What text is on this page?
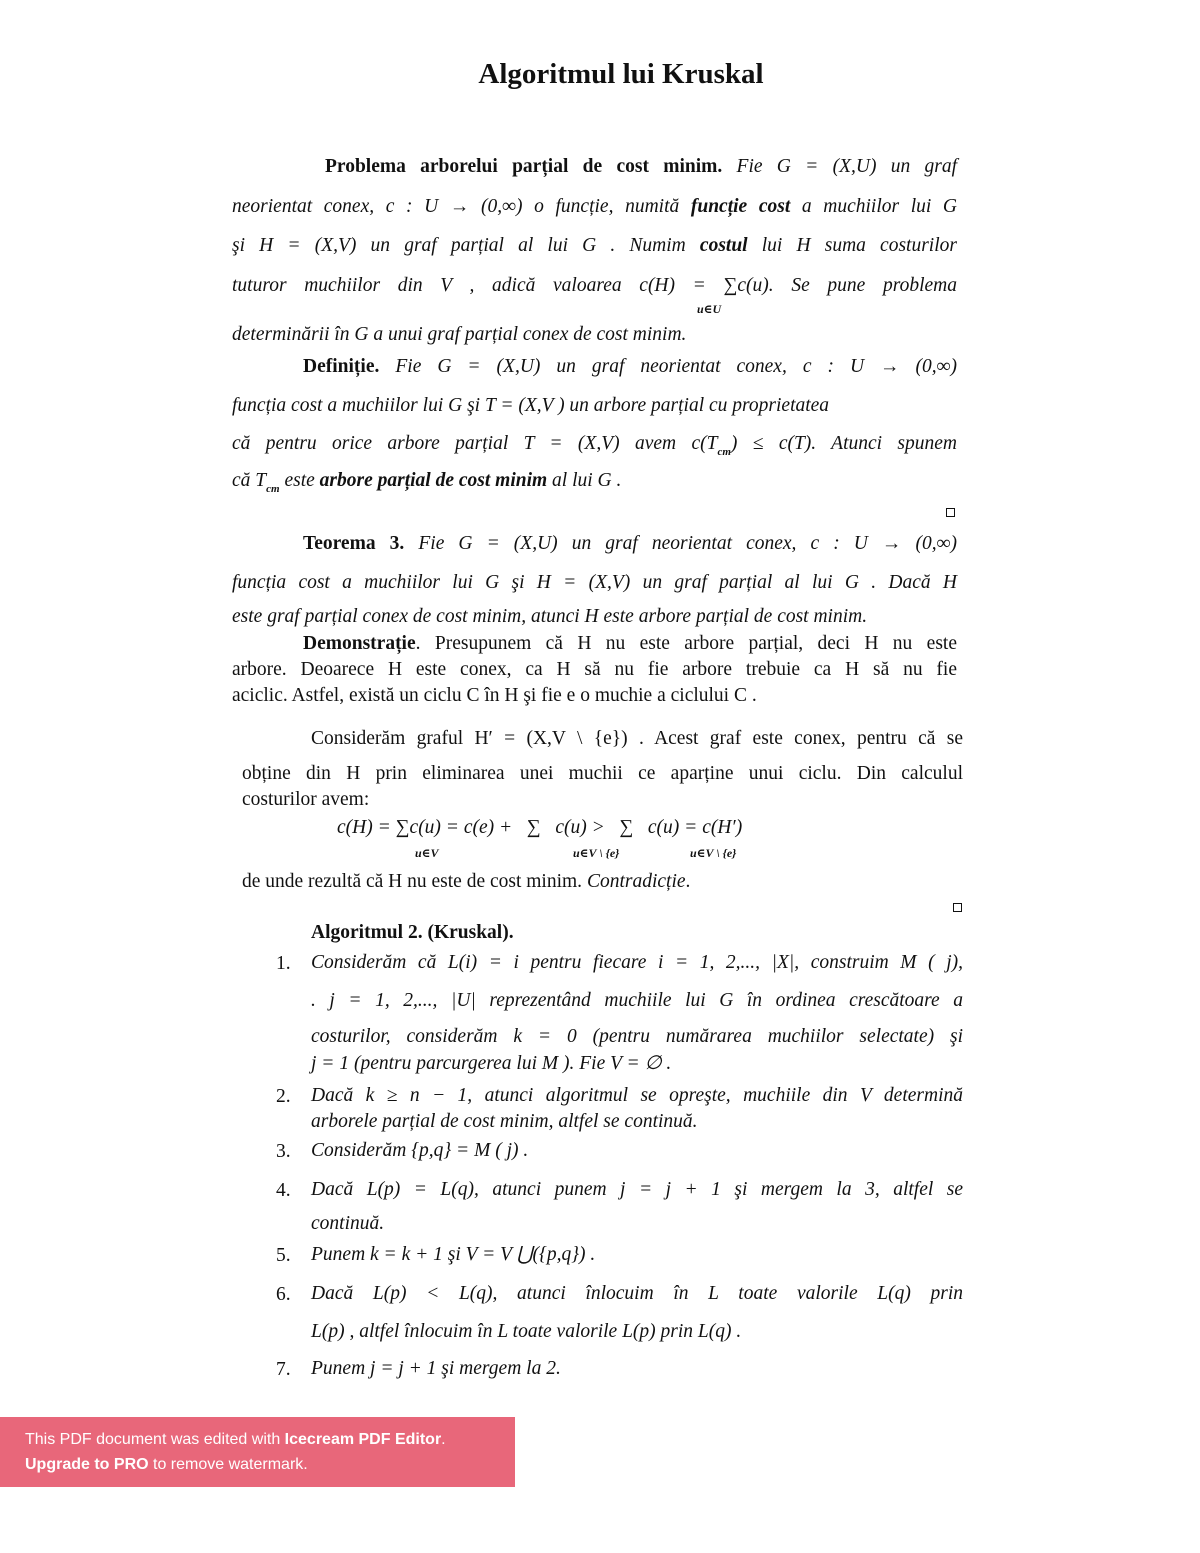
Algoritmul lui Kruskal
Problema arborelui parțial de cost minim. Fie G = (X,U) un graf
neorientat conex, c : U → (0,∞) o funcție, numită funcție cost a muchiilor lui G
şi H = (X,V) un graf parțial al lui G . Numim costul lui H suma costurilor
tuturor muchiilor din V , adică valoarea c(H) = ∑c(u). Se pune problema
u∈U
determinării în G a unui graf parțial conex de cost minim.
Definiție. Fie G = (X,U) un graf neorientat conex, c : U → (0,∞)
funcția cost a muchiilor lui G şi T = (X,V ) un arbore parțial cu proprietatea
că pentru orice arbore parțial T = (X,V) avem $c(T_{cm}) \le c(T)$. Atunci spunem
că $T_{cm}$ este arbore parțial de cost minim al lui G .
Teorema 3. Fie G = (X,U) un graf neorientat conex, c : U → (0,∞)
funcția cost a muchiilor lui G şi H = (X,V) un graf parțial al lui G . Dacă H
este graf parțial conex de cost minim, atunci H este arbore parțial de cost minim.
Demonstrație. Presupunem că H nu este arbore parțial, deci H nu este
arbore. Deoarece H este conex, ca H să nu fie arbore trebuie ca H să nu fie
aciclic. Astfel, există un ciclu C în H şi fie e o muchie a ciclului C .
Considerăm graful H′ = (X,V \ {e}) . Acest graf este conex, pentru că se
obține din H prin eliminarea unei muchii ce aparține unui ciclu. Din calculul
costurilor avem:
c(H) = ∑c(u) = c(e) +   ∑   c(u) >   ∑   c(u) = c(H′)
u∈V	u∈V \ {e}	u∈V \ {e}
de unde rezultă că H nu este de cost minim. Contradicție.
Algoritmul 2. (Kruskal).
1. Considerăm că L(i) = i pentru fiecare i = 1, 2,..., |X|, construim M ( j),
. j = 1, 2,..., |U| reprezentând muchiile lui G în ordinea crescătoare a
costurilor, considerăm k = 0 (pentru numărarea muchiilor selectate) şi
j = 1 (pentru parcurgerea lui M ). Fie V = ∅ .
2. Dacă k ≥ n − 1, atunci algoritmul se opreşte, muchiile din V determină
arborele parțial de cost minim, altfel se continuă.
3. Considerăm {p,q} = M ( j) .
4. Dacă L(p) = L(q), atunci punem j = j + 1 şi mergem la 3, altfel se
continuă.
5. Punem k = k + 1 şi V = V ⋃({p,q}) .
6. Dacă L(p) < L(q), atunci înlocuim în L toate valorile L(q) prin
L(p) , altfel înlocuim în L toate valorile L(p) prin L(q) .
7. Punem j = j + 1 şi mergem la 2.
This PDF document was edited with Icecream PDF Editor.
Upgrade to PRO to remove watermark.
